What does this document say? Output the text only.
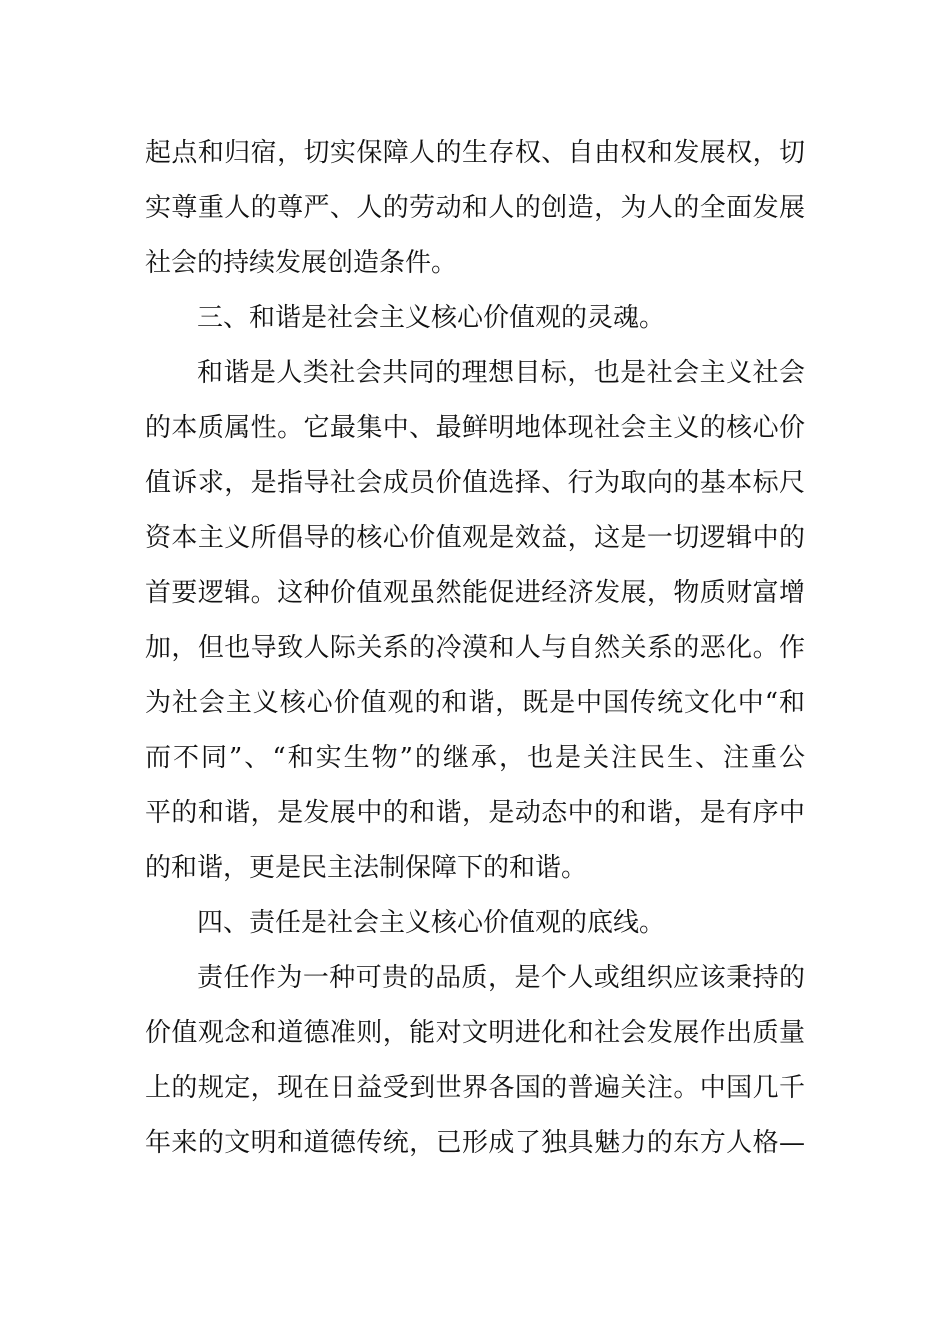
起点和归宿，切实保障人的生存权、自由权和发展权，切
实尊重人的尊严、人的劳动和人的创造，为人的全面发展
社会的持续发展创造条件。
三、和谐是社会主义核心价值观的灵魂。
和谐是人类社会共同的理想目标，也是社会主义社会
的本质属性。它最集中、最鲜明地体现社会主义的核心价
值诉求，是指导社会成员价值选择、行为取向的基本标尺
资本主义所倡导的核心价值观是效益，这是一切逻辑中的
首要逻辑。这种价值观虽然能促进经济发展，物质财富增
加，但也导致人际关系的冷漠和人与自然关系的恶化。作
为社会主义核心价值观的和谐，既是中国传统文化中“和
而不同”、“和实生物”的继承，也是关注民生、注重公
平的和谐，是发展中的和谐，是动态中的和谐，是有序中
的和谐，更是民主法制保障下的和谐。
四、责任是社会主义核心价值观的底线。
责任作为一种可贵的品质，是个人或组织应该秉持的
价值观念和道德准则，能对文明进化和社会发展作出质量
上的规定，现在日益受到世界各国的普遍关注。中国几千
年来的文明和道德传统，已形成了独具魅力的东方人格—
